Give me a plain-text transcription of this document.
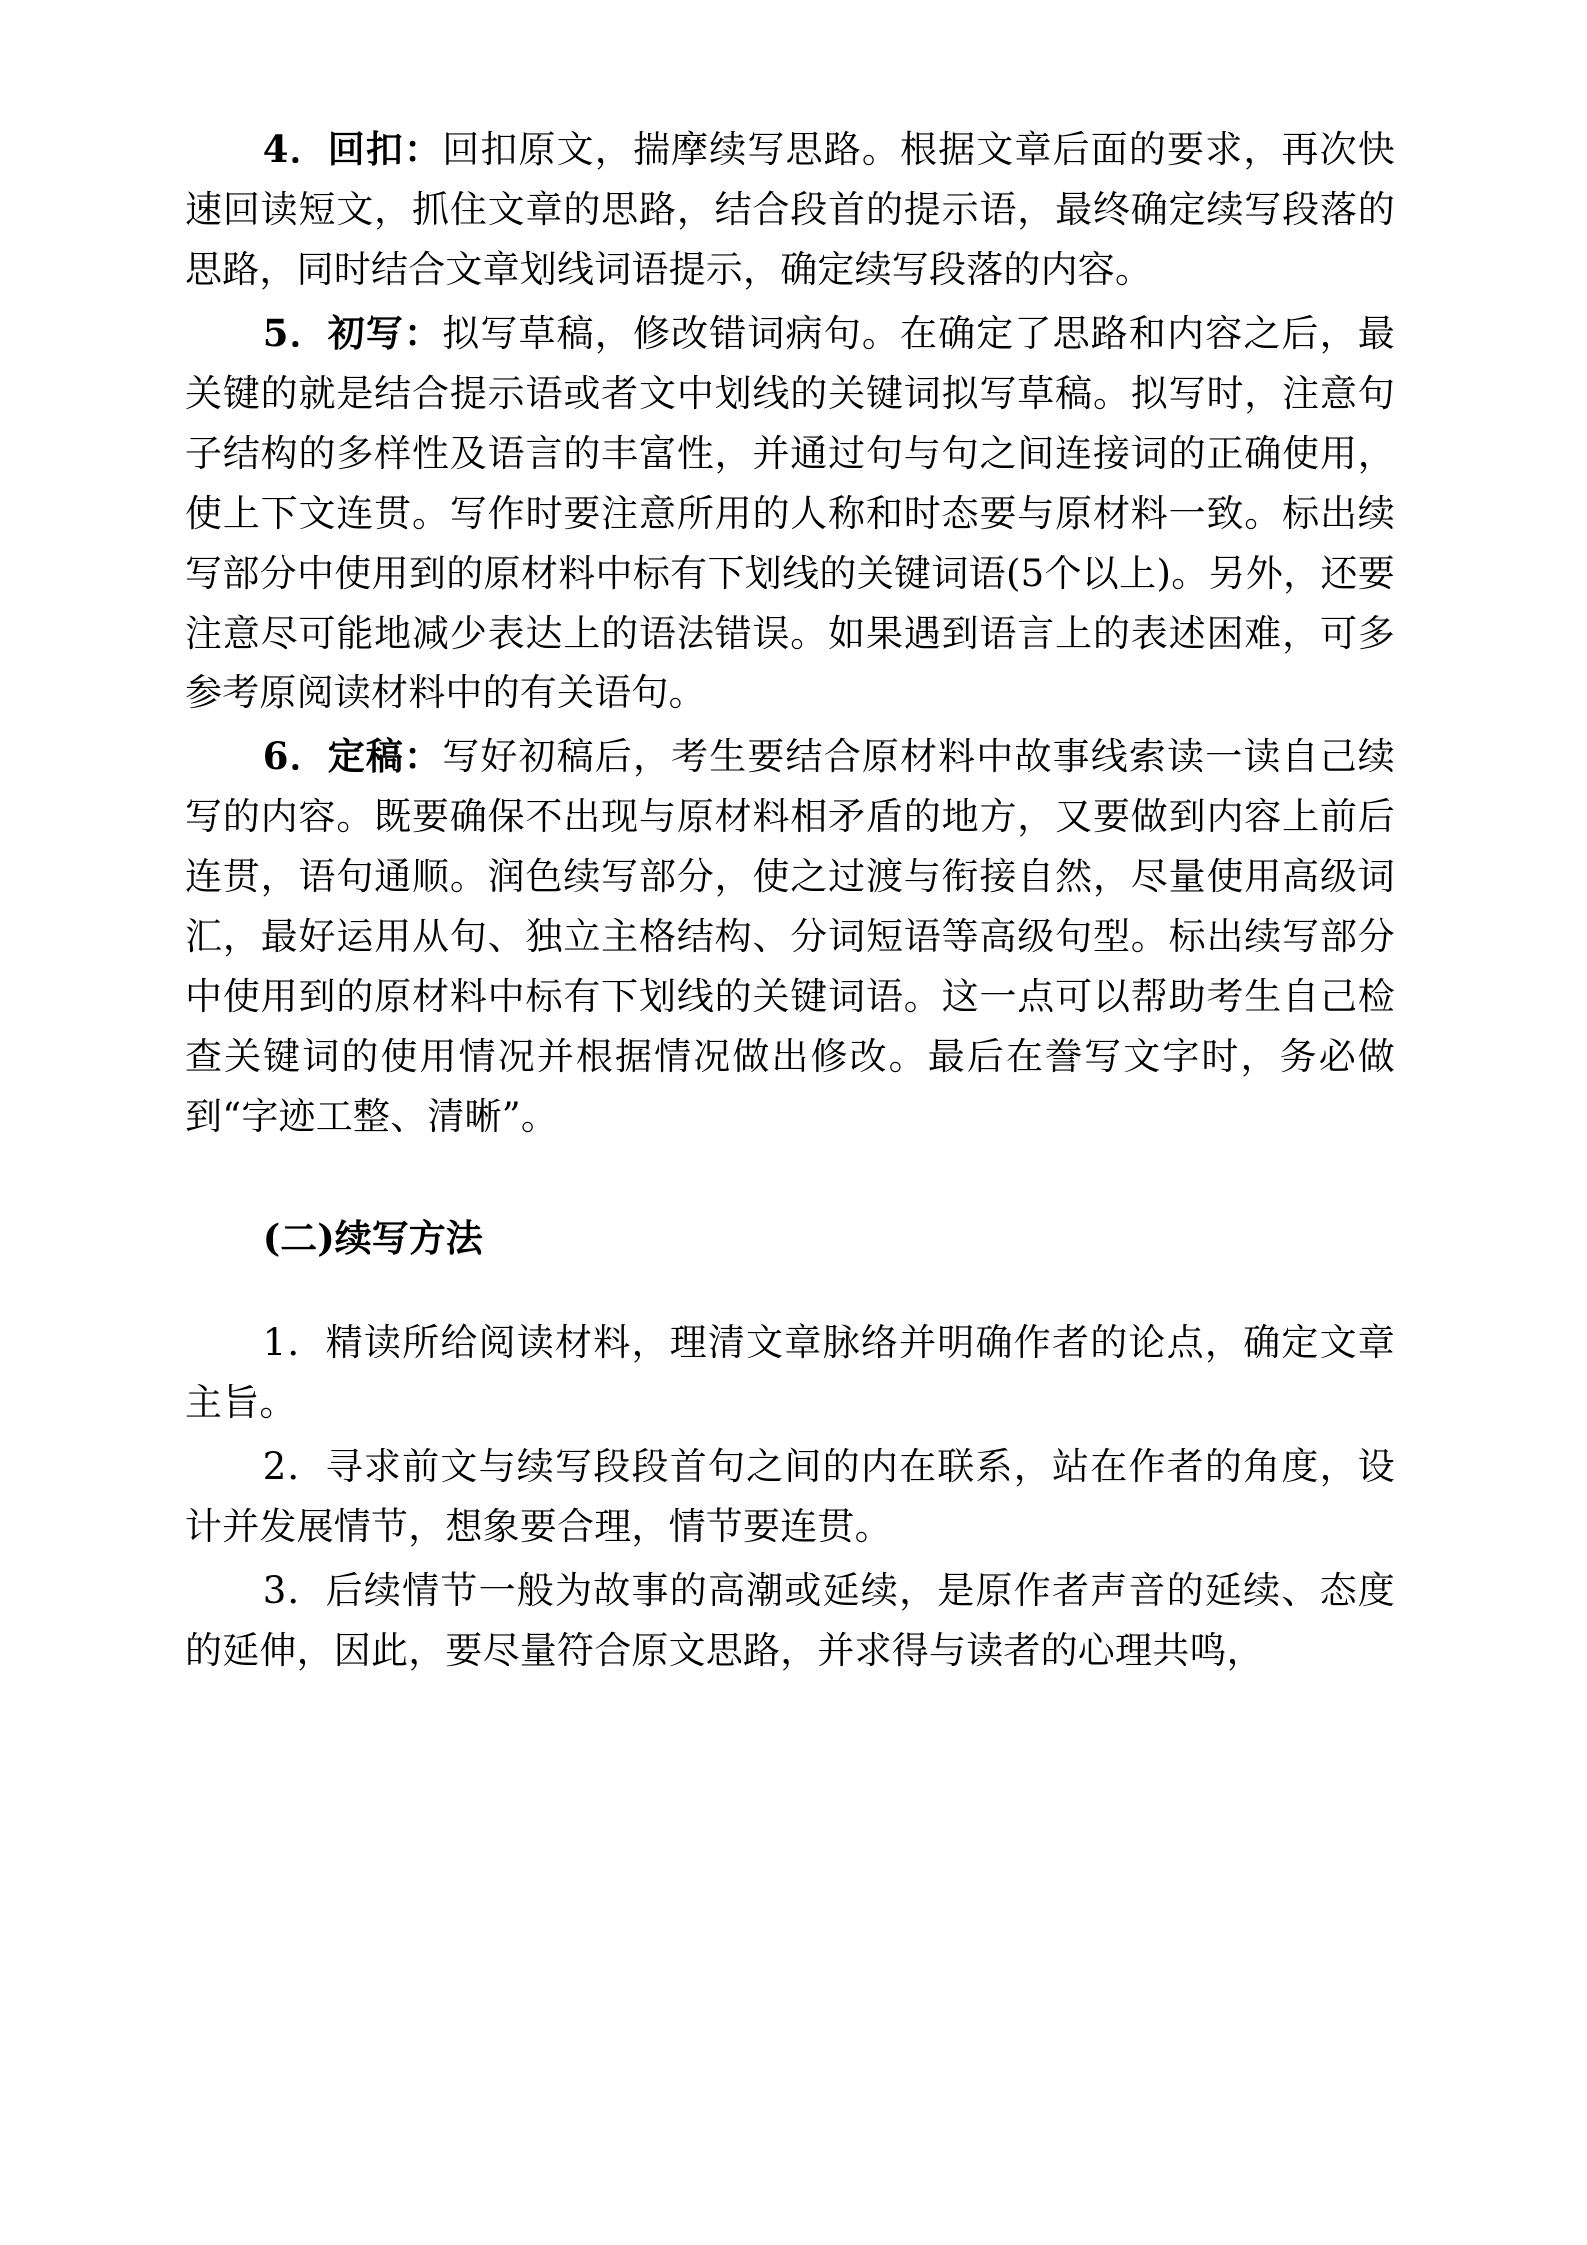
4．回扣：回扣原文，揣摩续写思路。根据文章后面的要求，再次快速回读短文，抓住文章的思路，结合段首的提示语，最终确定续写段落的思路，同时结合文章划线词语提示，确定续写段落的内容。

5．初写：拟写草稿，修改错词病句。在确定了思路和内容之后，最关键的就是结合提示语或者文中划线的关键词拟写草稿。拟写时，注意句子结构的多样性及语言的丰富性，并通过句与句之间连接词的正确使用，使上下文连贯。写作时要注意所用的人称和时态要与原材料一致。标出续写部分中使用到的原材料中标有下划线的关键词语(5个以上)。另外，还要注意尽可能地减少表达上的语法错误。如果遇到语言上的表述困难，可多参考原阅读材料中的有关语句。

6．定稿：写好初稿后，考生要结合原材料中故事线索读一读自己续写的内容。既要确保不出现与原材料相矛盾的地方，又要做到内容上前后连贯，语句通顺。润色续写部分，使之过渡与衔接自然，尽量使用高级词汇，最好运用从句、独立主格结构、分词短语等高级句型。标出续写部分中使用到的原材料中标有下划线的关键词语。这一点可以帮助考生自己检查关键词的使用情况并根据情况做出修改。最后在誊写文字时，务必做到“字迹工整、清晰”。

(二)续写方法

1．精读所给阅读材料，理清文章脉络并明确作者的论点，确定文章主旨。

2．寻求前文与续写段段首句之间的内在联系，站在作者的角度，设计并发展情节，想象要合理，情节要连贯。

3．后续情节一般为故事的高潮或延续，是原作者声音的延续、态度的延伸，因此，要尽量符合原文思路，并求得与读者的心理共鸣，
